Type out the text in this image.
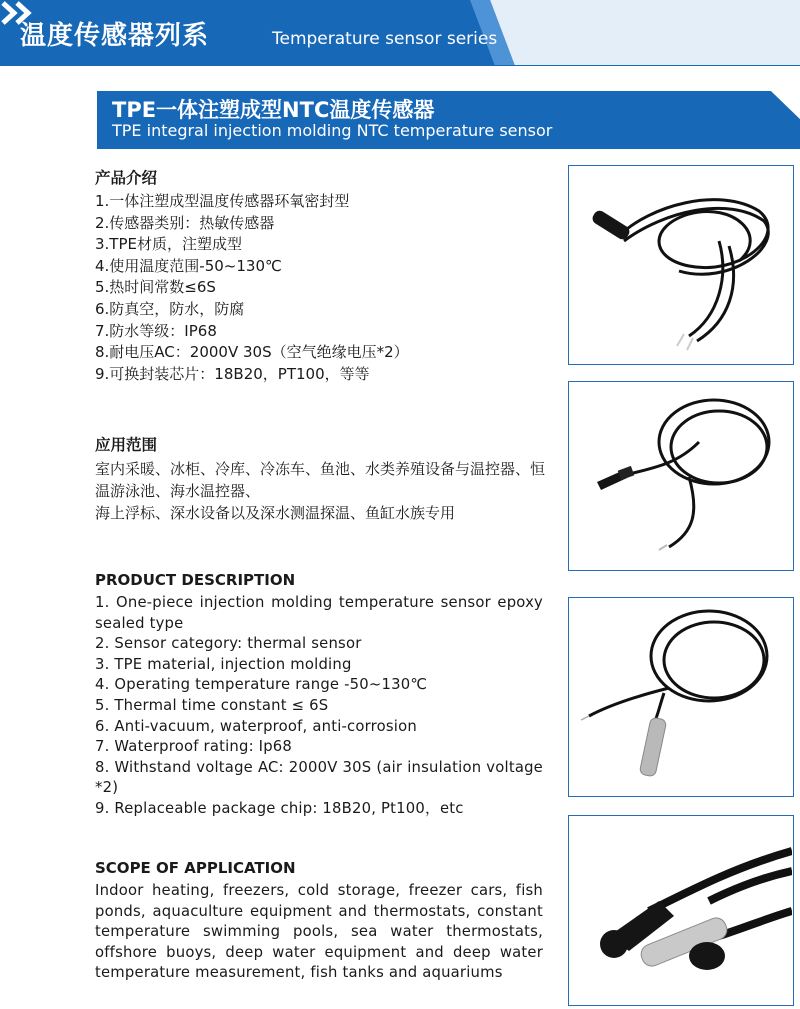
温度传感器列系	Temperature sensor series
TPE一体注塑成型NTC温度传感器
TPE integral injection molding NTC temperature sensor
产品介绍
1.一体注塑成型温度传感器环氧密封型
2.传感器类别：热敏传感器
3.TPE材质，注塑成型
4.使用温度范围-50~130℃
5.热时间常数≤6S
6.防真空，防水，防腐
7.防水等级：IP68
8.耐电压AC：2000V 30S（空气绝缘电压*2）
9.可换封装芯片：18B20，PT100，等等
应用范围
室内采暖、冰柜、冷库、冷冻车、鱼池、水类养殖设备与温控器、恒温游泳池、海水温控器、
海上浮标、深水设备以及深水测温探温、鱼缸水族专用
PRODUCT DESCRIPTION
1. One-piece injection molding temperature sensor epoxy sealed type
2. Sensor category: thermal sensor
3. TPE material, injection molding
4. Operating temperature range -50~130℃
5. Thermal time constant ≤ 6S
6. Anti-vacuum, waterproof, anti-corrosion
7. Waterproof rating: Ip68
8. Withstand voltage AC: 2000V 30S (air insulation voltage *2)
9. Replaceable package chip: 18B20, Pt100，etc
SCOPE OF APPLICATION
Indoor heating, freezers, cold storage, freezer cars, fish ponds, aquaculture equipment and thermostats, constant temperature swimming pools, sea water thermostats, offshore buoys, deep water equipment and deep water temperature measurement, fish tanks and aquariums
